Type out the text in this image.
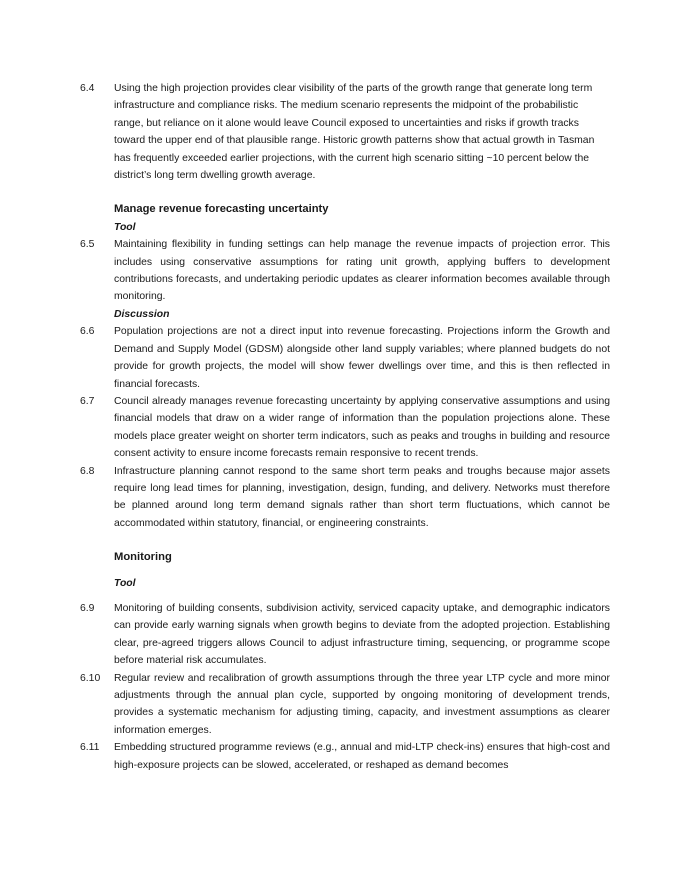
6.4 Using the high projection provides clear visibility of the parts of the growth range that generate long term infrastructure and compliance risks. The medium scenario represents the midpoint of the probabilistic range, but reliance on it alone would leave Council exposed to uncertainties and risks if growth tracks toward the upper end of that plausible range. Historic growth patterns show that actual growth in Tasman has frequently exceeded earlier projections, with the current high scenario sitting ~10 percent below the district’s long term dwelling growth average.
Manage revenue forecasting uncertainty
Tool
6.5 Maintaining flexibility in funding settings can help manage the revenue impacts of projection error. This includes using conservative assumptions for rating unit growth, applying buffers to development contributions forecasts, and undertaking periodic updates as clearer information becomes available through monitoring.
Discussion
6.6 Population projections are not a direct input into revenue forecasting. Projections inform the Growth and Demand and Supply Model (GDSM) alongside other land supply variables; where planned budgets do not provide for growth projects, the model will show fewer dwellings over time, and this is then reflected in financial forecasts.
6.7 Council already manages revenue forecasting uncertainty by applying conservative assumptions and using financial models that draw on a wider range of information than the population projections alone. These models place greater weight on shorter term indicators, such as peaks and troughs in building and resource consent activity to ensure income forecasts remain responsive to recent trends.
6.8 Infrastructure planning cannot respond to the same short term peaks and troughs because major assets require long lead times for planning, investigation, design, funding, and delivery. Networks must therefore be planned around long term demand signals rather than short term fluctuations, which cannot be accommodated within statutory, financial, or engineering constraints.
Monitoring
Tool
6.9 Monitoring of building consents, subdivision activity, serviced capacity uptake, and demographic indicators can provide early warning signals when growth begins to deviate from the adopted projection. Establishing clear, pre-agreed triggers allows Council to adjust infrastructure timing, sequencing, or programme scope before material risk accumulates.
6.10 Regular review and recalibration of growth assumptions through the three year LTP cycle and more minor adjustments through the annual plan cycle, supported by ongoing monitoring of development trends, provides a systematic mechanism for adjusting timing, capacity, and investment assumptions as clearer information emerges.
6.11 Embedding structured programme reviews (e.g., annual and mid-LTP check-ins) ensures that high-cost and high-exposure projects can be slowed, accelerated, or reshaped as demand becomes
